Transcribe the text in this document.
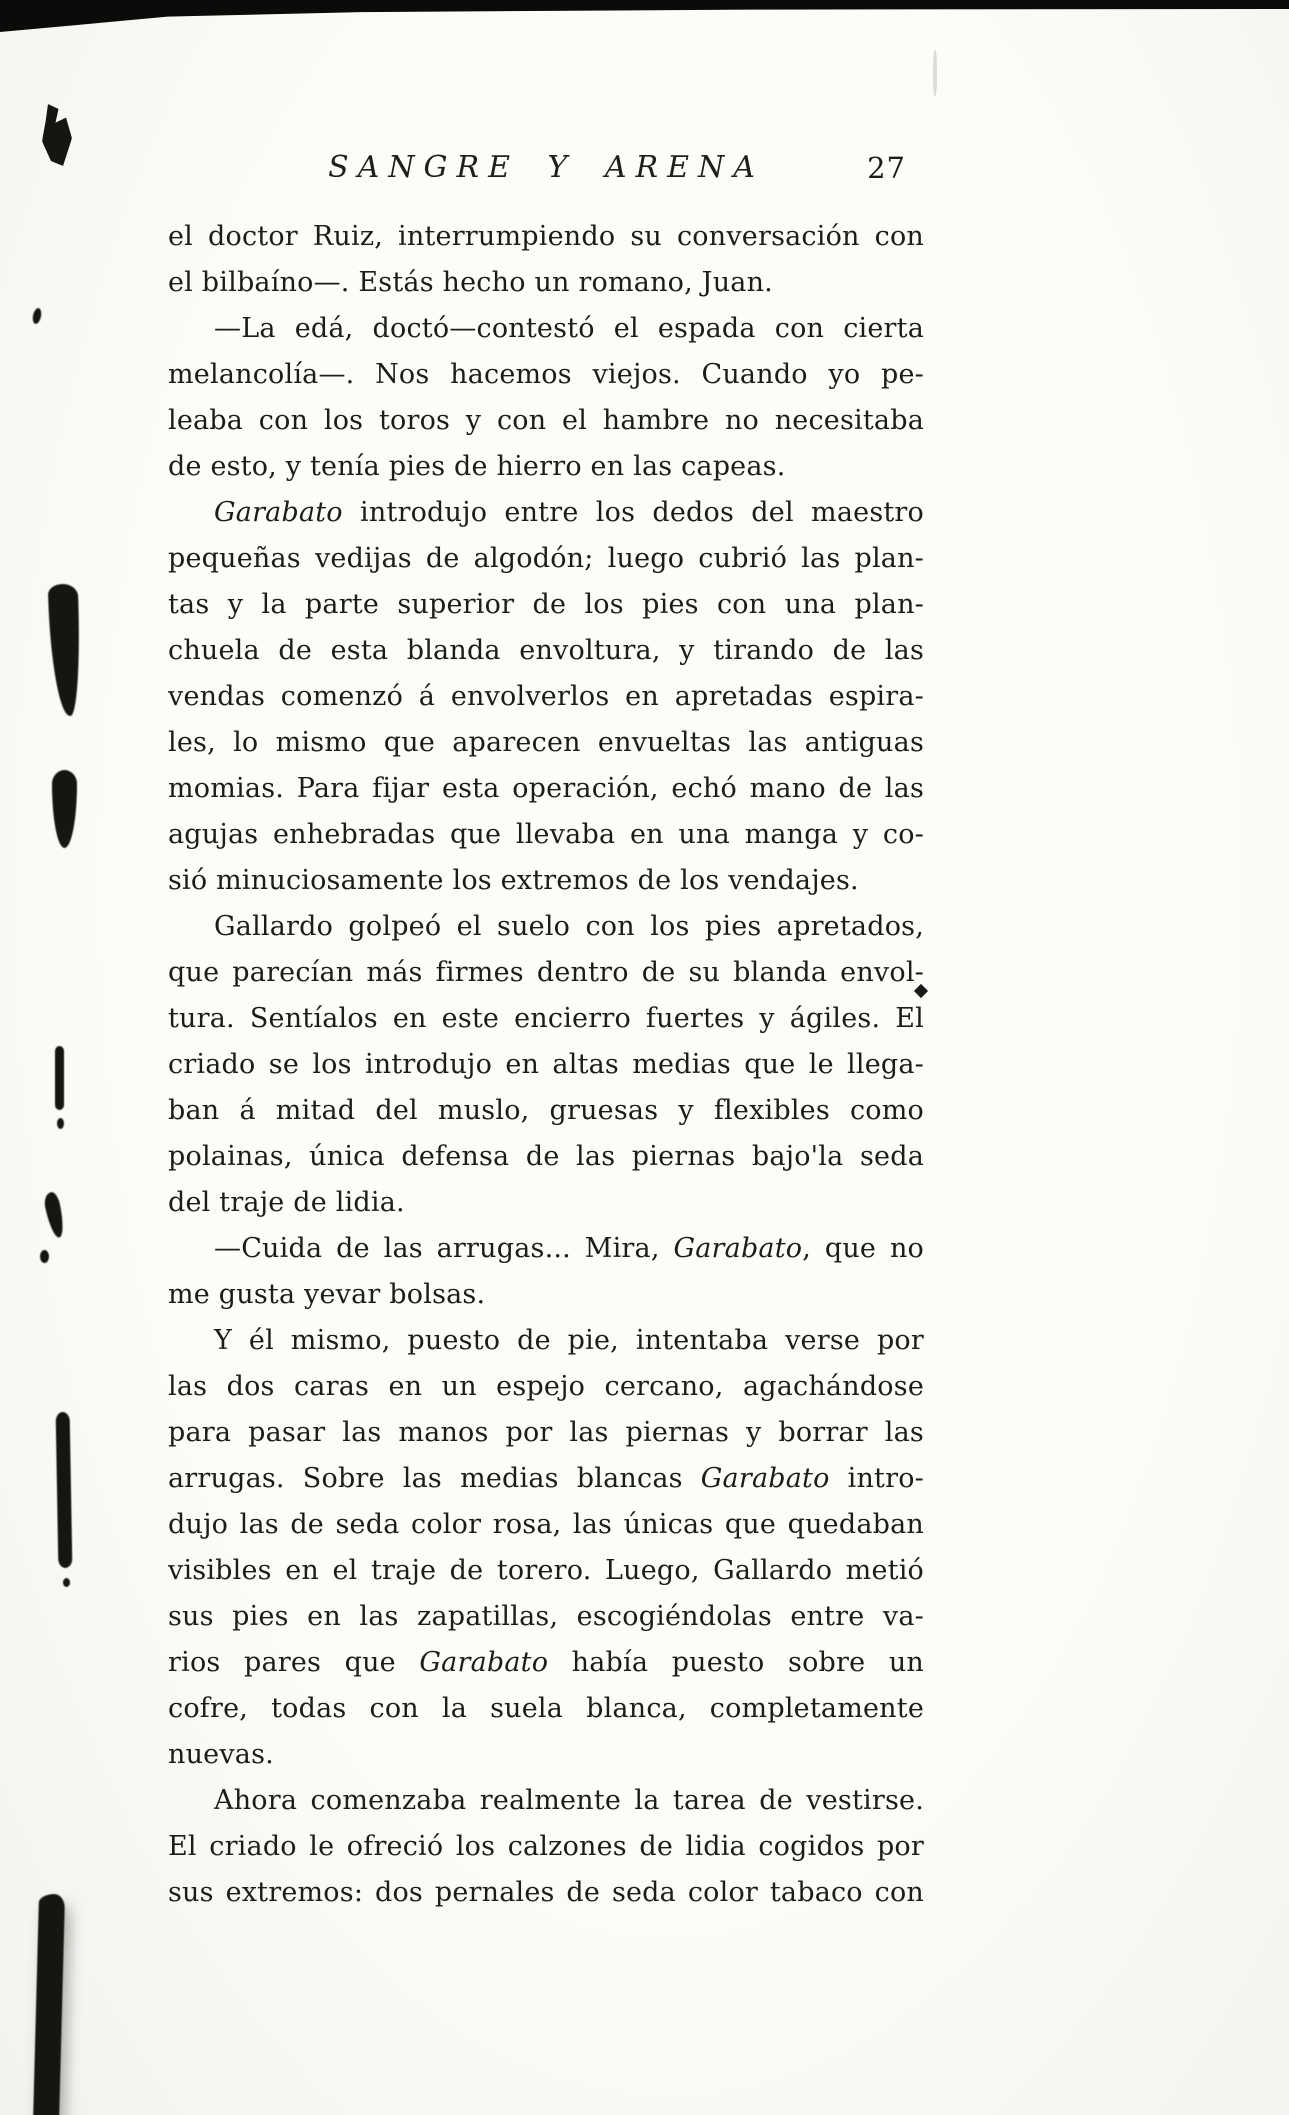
SANGRE Y ARENA	27
el doctor Ruiz, interrumpiendo su conversación con
el bilbaíno—. Estás hecho un romano, Juan.
—La edá, doctó—contestó el espada con cierta
melancolía—. Nos hacemos viejos. Cuando yo pe-
leaba con los toros y con el hambre no necesitaba
de esto, y tenía pies de hierro en las capeas.
Garabato introdujo entre los dedos del maestro
pequeñas vedijas de algodón; luego cubrió las plan-
tas y la parte superior de los pies con una plan-
chuela de esta blanda envoltura, y tirando de las
vendas comenzó á envolverlos en apretadas espira-
les, lo mismo que aparecen envueltas las antiguas
momias. Para fijar esta operación, echó mano de las
agujas enhebradas que llevaba en una manga y co-
sió minuciosamente los extremos de los vendajes.
Gallardo golpeó el suelo con los pies apretados,
que parecían más firmes dentro de su blanda envol-
tura. Sentíalos en este encierro fuertes y ágiles. El
criado se los introdujo en altas medias que le llega-
ban á mitad del muslo, gruesas y flexibles como
polainas, única defensa de las piernas bajo'la seda
del traje de lidia.
—Cuida de las arrugas... Mira, Garabato, que no
me gusta yevar bolsas.
Y él mismo, puesto de pie, intentaba verse por
las dos caras en un espejo cercano, agachándose
para pasar las manos por las piernas y borrar las
arrugas. Sobre las medias blancas Garabato intro-
dujo las de seda color rosa, las únicas que quedaban
visibles en el traje de torero. Luego, Gallardo metió
sus pies en las zapatillas, escogiéndolas entre va-
rios pares que Garabato había puesto sobre un
cofre, todas con la suela blanca, completamente
nuevas.
Ahora comenzaba realmente la tarea de vestirse.
El criado le ofreció los calzones de lidia cogidos por
sus extremos: dos pernales de seda color tabaco con
